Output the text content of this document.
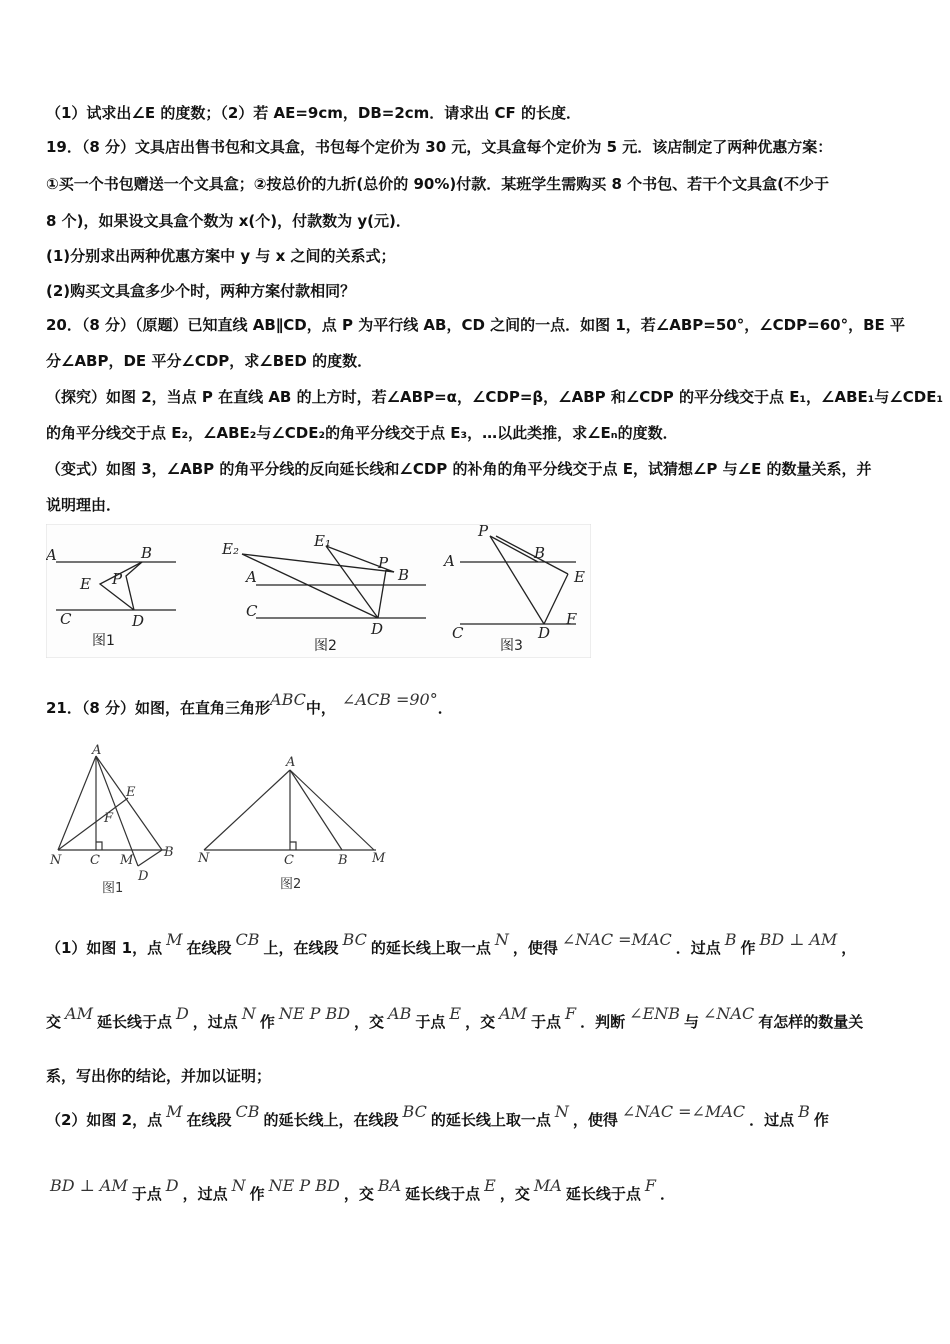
（1）试求出∠E 的度数；（2）若 AE=9cm，DB=2cm．请求出 CF 的长度．
19．（8 分）文具店出售书包和文具盒，书包每个定价为 30 元，文具盒每个定价为 5 元．该店制定了两种优惠方案：
①买一个书包赠送一个文具盒；②按总价的九折(总价的 90%)付款．某班学生需购买 8 个书包、若干个文具盒(不少于
8 个)，如果设文具盒个数为 x(个)，付款数为 y(元)．
(1)分别求出两种优惠方案中 y 与 x 之间的关系式；
(2)购买文具盒多少个时，两种方案付款相同？
20．（8 分）（原题）已知直线 AB∥CD，点 P 为平行线 AB，CD 之间的一点．如图 1，若∠ABP=50°，∠CDP=60°，BE 平
分∠ABP，DE 平分∠CDP，求∠BED 的度数．
（探究）如图 2，当点 P 在直线 AB 的上方时，若∠ABP=α，∠CDP=β，∠ABP 和∠CDP 的平分线交于点 E₁，∠ABE₁与∠CDE₁
的角平分线交于点 E₂，∠ABE₂与∠CDE₂的角平分线交于点 E₃，…以此类推，求∠Eₙ的度数．
（变式）如图 3，∠ABP 的角平分线的反向延长线和∠CDP 的补角的角平分线交于点 E，试猜想∠P 与∠E 的数量关系，并
说明理由．
A	B
E P
C	D
图1
E₂	E₁
P
A	B
C
D
图2
P
A	B
E
C	D
F
图3
21．（8 分）如图，在直角三角形ABC中， ∠ACB =90°．
A
E
F
N C M
B
D
图1
A
N	C	B M
图2
（1）如图 1，点 M 在线段 CB 上，在线段 BC 的延长线上取一点 N ，使得 ∠NAC =MAC ．过点 B 作 BD ⊥ AM ，
交 AM 延长线于点 D ，过点 N 作 NE P BD ，交 AB 于点 E ，交 AM 于点 F ．判断 ∠ENB 与 ∠NAC 有怎样的数量关
系，写出你的结论，并加以证明；
（2）如图 2，点 M 在线段 CB 的延长线上，在线段 BC 的延长线上取一点 N ，使得 ∠NAC =∠MAC ．过点 B 作
BD ⊥ AM 于点 D ，过点 N 作 NE P BD ，交 BA 延长线于点 E ，交 MA 延长线于点 F ．
